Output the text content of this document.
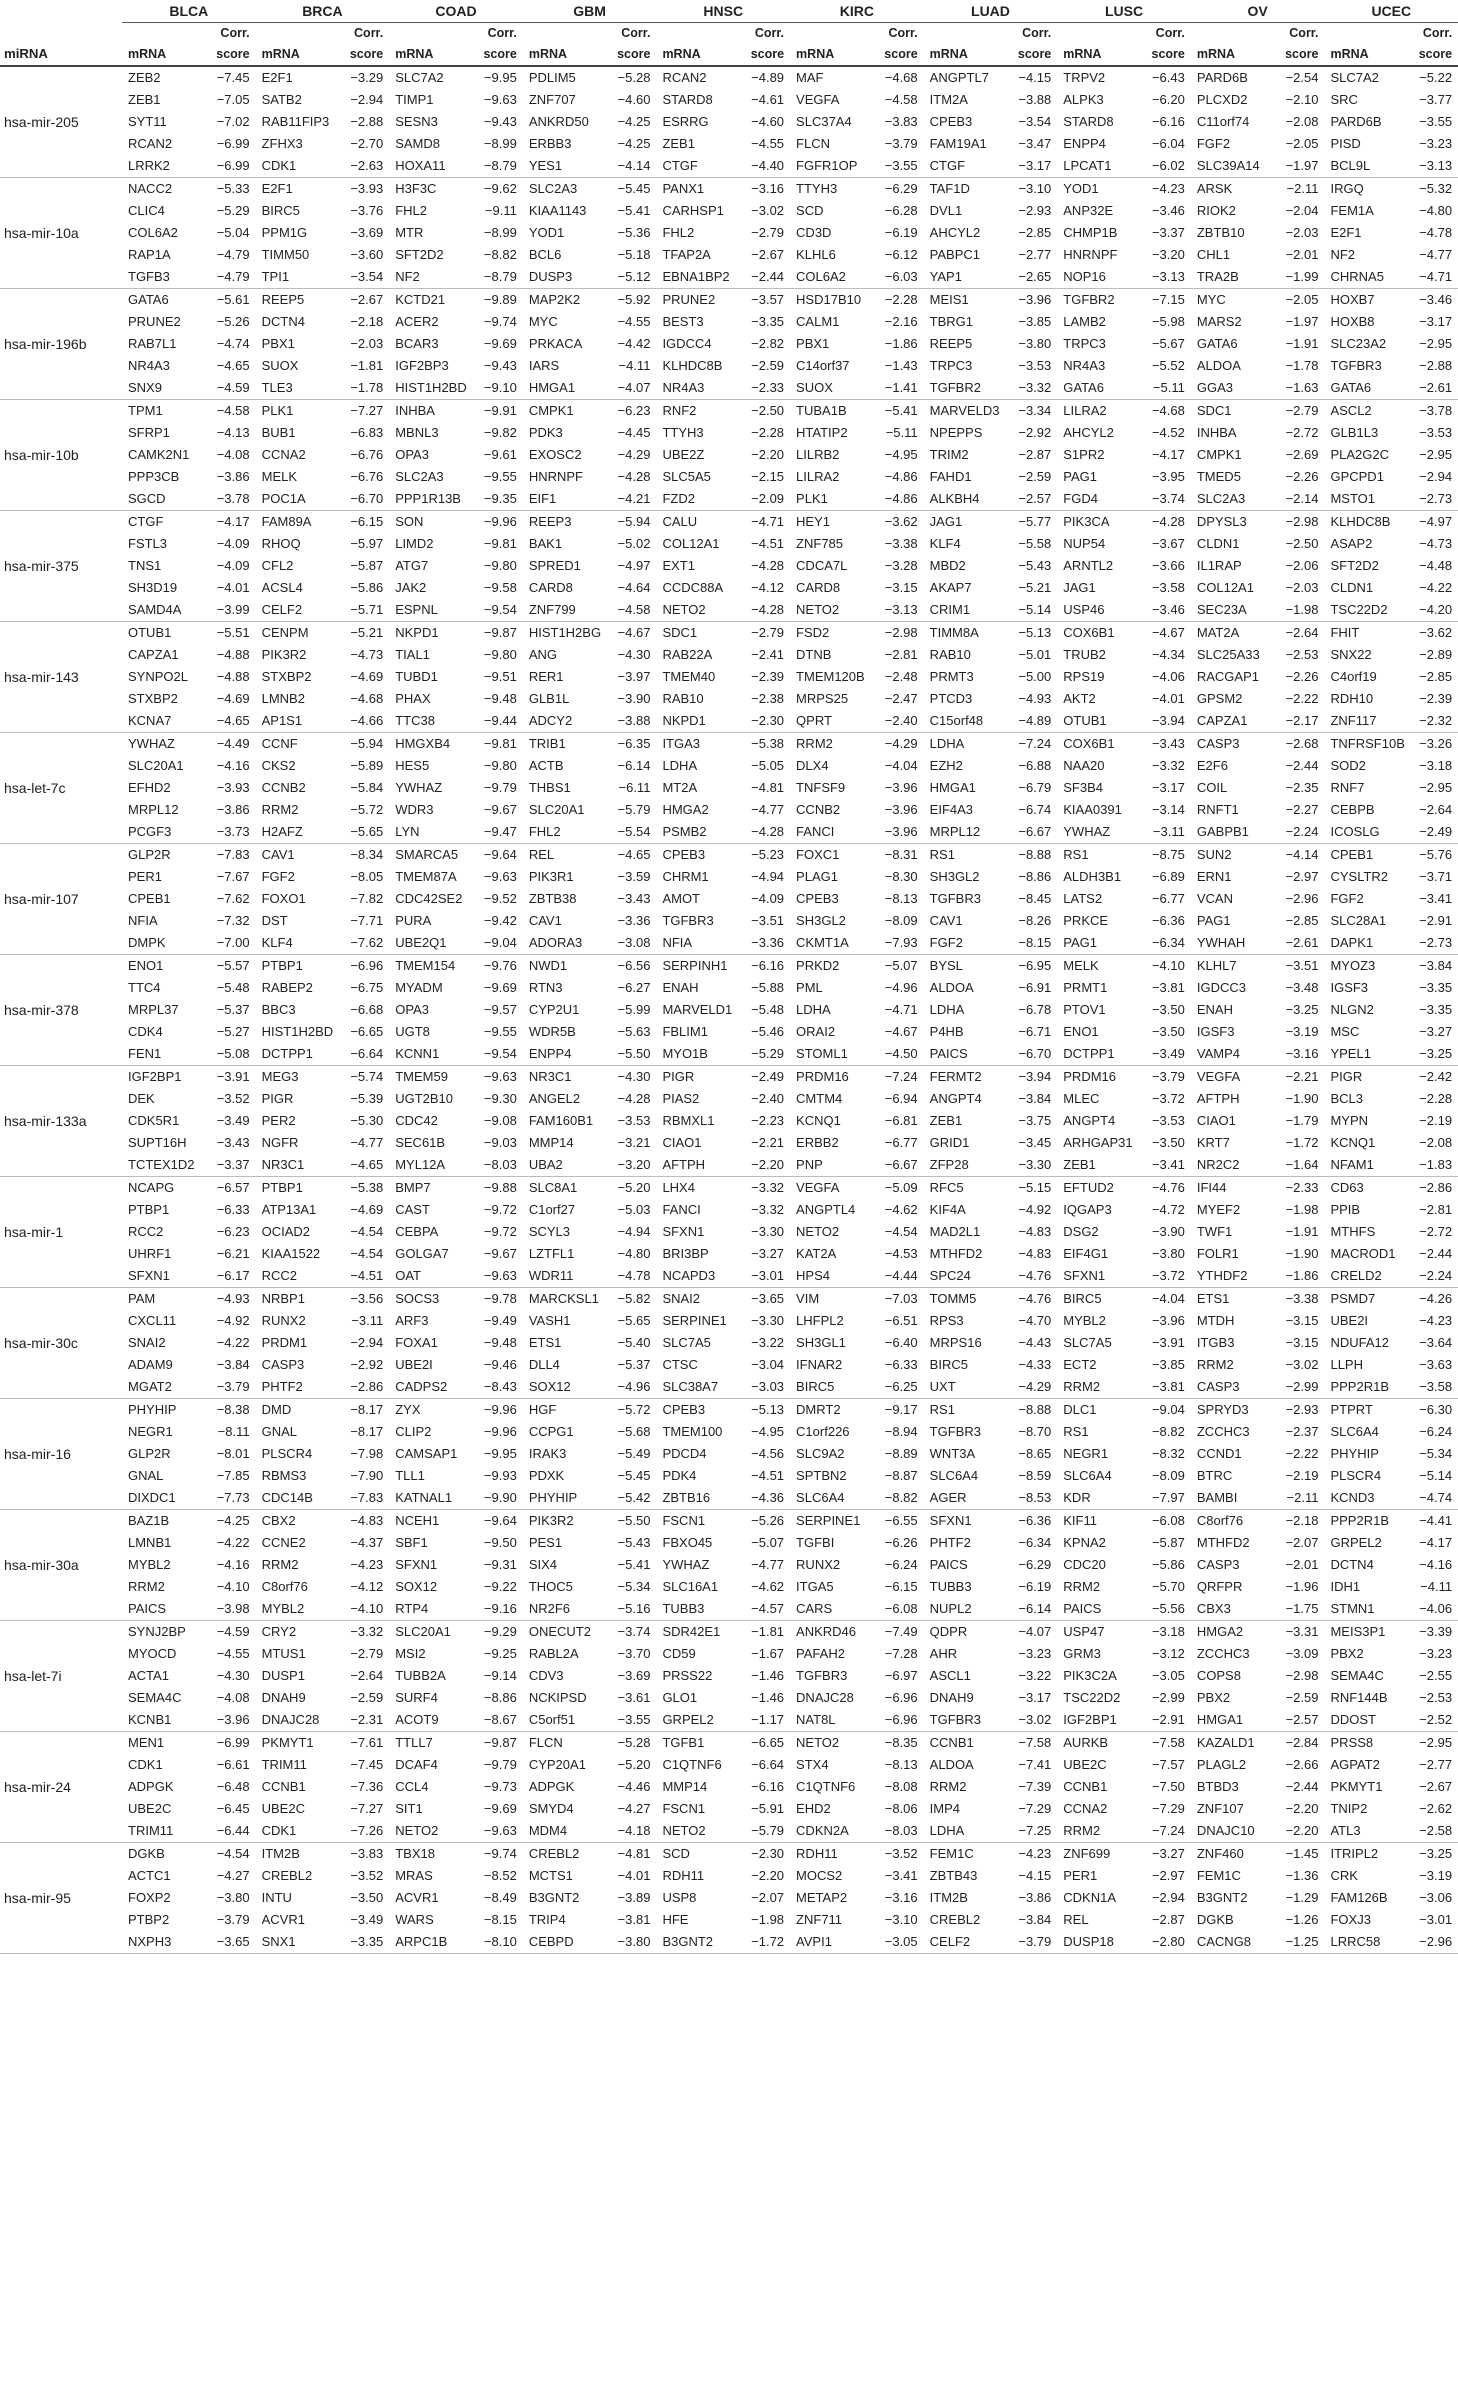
miRNA	BLCA		BRCA		COAD		GBM		HNSC		KIRC		LUAD		LUSC		OV		UCEC	
		Corr.		Corr.		Corr.		Corr.		Corr.		Corr.		Corr.		Corr.		Corr.		Corr.
	mRNA	score	mRNA	score	mRNA	score	mRNA	score	mRNA	score	mRNA	score	mRNA	score	mRNA	score	mRNA	score	mRNA	score
hsa-mir-205	ZEB2	−7.45	E2F1	−3.29	SLC7A2	−9.95	PDLIM5	−5.28	RCAN2	−4.89	MAF	−4.68	ANGPTL7	−4.15	TRPV2	−6.43	PARD6B	−2.54	SLC7A2	−5.22
	ZEB1	−7.05	SATB2	−2.94	TIMP1	−9.63	ZNF707	−4.60	STARD8	−4.61	VEGFA	−4.58	ITM2A	−3.88	ALPK3	−6.20	PLCXD2	−2.10	SRC	−3.77
	SYT11	−7.02	RAB11FIP3	−2.88	SESN3	−9.43	ANKRD50	−4.25	ESRRG	−4.60	SLC37A4	−3.83	CPEB3	−3.54	STARD8	−6.16	C11orf74	−2.08	PARD6B	−3.55
	RCAN2	−6.99	ZFHX3	−2.70	SAMD8	−8.99	ERBB3	−4.25	ZEB1	−4.55	FLCN	−3.79	FAM19A1	−3.47	ENPP4	−6.04	FGF2	−2.05	PISD	−3.23
	LRRK2	−6.99	CDK1	−2.63	HOXA11	−8.79	YES1	−4.14	CTGF	−4.40	FGFR1OP	−3.55	CTGF	−3.17	LPCAT1	−6.02	SLC39A14	−1.97	BCL9L	−3.13
hsa-mir-10a	NACC2	−5.33	E2F1	−3.93	H3F3C	−9.62	SLC2A3	−5.45	PANX1	−3.16	TTYH3	−6.29	TAF1D	−3.10	YOD1	−4.23	ARSK	−2.11	IRGQ	−5.32
	CLIC4	−5.29	BIRC5	−3.76	FHL2	−9.11	KIAA1143	−5.41	CARHSP1	−3.02	SCD	−6.28	DVL1	−2.93	ANP32E	−3.46	RIOK2	−2.04	FEM1A	−4.80
	COL6A2	−5.04	PPM1G	−3.69	MTR	−8.99	YOD1	−5.36	FHL2	−2.79	CD3D	−6.19	AHCYL2	−2.85	CHMP1B	−3.37	ZBTB10	−2.03	E2F1	−4.78
	RAP1A	−4.79	TIMM50	−3.60	SFT2D2	−8.82	BCL6	−5.18	TFAP2A	−2.67	KLHL6	−6.12	PABPC1	−2.77	HNRNPF	−3.20	CHL1	−2.01	NF2	−4.77
	TGFB3	−4.79	TPI1	−3.54	NF2	−8.79	DUSP3	−5.12	EBNA1BP2	−2.44	COL6A2	−6.03	YAP1	−2.65	NOP16	−3.13	TRA2B	−1.99	CHRNA5	−4.71
hsa-mir-196b	GATA6	−5.61	REEP5	−2.67	KCTD21	−9.89	MAP2K2	−5.92	PRUNE2	−3.57	HSD17B10	−2.28	MEIS1	−3.96	TGFBR2	−7.15	MYC	−2.05	HOXB7	−3.46
	PRUNE2	−5.26	DCTN4	−2.18	ACER2	−9.74	MYC	−4.55	BEST3	−3.35	CALM1	−2.16	TBRG1	−3.85	LAMB2	−5.98	MARS2	−1.97	HOXB8	−3.17
	RAB7L1	−4.74	PBX1	−2.03	BCAR3	−9.69	PRKACA	−4.42	IGDCC4	−2.82	PBX1	−1.86	REEP5	−3.80	TRPC3	−5.67	GATA6	−1.91	SLC23A2	−2.95
	NR4A3	−4.65	SUOX	−1.81	IGF2BP3	−9.43	IARS	−4.11	KLHDC8B	−2.59	C14orf37	−1.43	TRPC3	−3.53	NR4A3	−5.52	ALDOA	−1.78	TGFBR3	−2.88
	SNX9	−4.59	TLE3	−1.78	HIST1H2BD	−9.10	HMGA1	−4.07	NR4A3	−2.33	SUOX	−1.41	TGFBR2	−3.32	GATA6	−5.11	GGA3	−1.63	GATA6	−2.61
hsa-mir-10b	TPM1	−4.58	PLK1	−7.27	INHBA	−9.91	CMPK1	−6.23	RNF2	−2.50	TUBA1B	−5.41	MARVELD3	−3.34	LILRA2	−4.68	SDC1	−2.79	ASCL2	−3.78
	SFRP1	−4.13	BUB1	−6.83	MBNL3	−9.82	PDK3	−4.45	TTYH3	−2.28	HTATIP2	−5.11	NPEPPS	−2.92	AHCYL2	−4.52	INHBA	−2.72	GLB1L3	−3.53
	CAMK2N1	−4.08	CCNA2	−6.76	OPA3	−9.61	EXOSC2	−4.29	UBE2Z	−2.20	LILRB2	−4.95	TRIM2	−2.87	S1PR2	−4.17	CMPK1	−2.69	PLA2G2C	−2.95
	PPP3CB	−3.86	MELK	−6.76	SLC2A3	−9.55	HNRNPF	−4.28	SLC5A5	−2.15	LILRA2	−4.86	FAHD1	−2.59	PAG1	−3.95	TMED5	−2.26	GPCPD1	−2.94
	SGCD	−3.78	POC1A	−6.70	PPP1R13B	−9.35	EIF1	−4.21	FZD2	−2.09	PLK1	−4.86	ALKBH4	−2.57	FGD4	−3.74	SLC2A3	−2.14	MSTO1	−2.73
hsa-mir-375	CTGF	−4.17	FAM89A	−6.15	SON	−9.96	REEP3	−5.94	CALU	−4.71	HEY1	−3.62	JAG1	−5.77	PIK3CA	−4.28	DPYSL3	−2.98	KLHDC8B	−4.97
	FSTL3	−4.09	RHOQ	−5.97	LIMD2	−9.81	BAK1	−5.02	COL12A1	−4.51	ZNF785	−3.38	KLF4	−5.58	NUP54	−3.67	CLDN1	−2.50	ASAP2	−4.73
	TNS1	−4.09	CFL2	−5.87	ATG7	−9.80	SPRED1	−4.97	EXT1	−4.28	CDCA7L	−3.28	MBD2	−5.43	ARNTL2	−3.66	IL1RAP	−2.06	SFT2D2	−4.48
	SH3D19	−4.01	ACSL4	−5.86	JAK2	−9.58	CARD8	−4.64	CCDC88A	−4.12	CARD8	−3.15	AKAP7	−5.21	JAG1	−3.58	COL12A1	−2.03	CLDN1	−4.22
	SAMD4A	−3.99	CELF2	−5.71	ESPNL	−9.54	ZNF799	−4.58	NETO2	−4.28	NETO2	−3.13	CRIM1	−5.14	USP46	−3.46	SEC23A	−1.98	TSC22D2	−4.20
hsa-mir-143	OTUB1	−5.51	CENPM	−5.21	NKPD1	−9.87	HIST1H2BG	−4.67	SDC1	−2.79	FSD2	−2.98	TIMM8A	−5.13	COX6B1	−4.67	MAT2A	−2.64	FHIT	−3.62
	CAPZA1	−4.88	PIK3R2	−4.73	TIAL1	−9.80	ANG	−4.30	RAB22A	−2.41	DTNB	−2.81	RAB10	−5.01	TRUB2	−4.34	SLC25A33	−2.53	SNX22	−2.89
	SYNPO2L	−4.88	STXBP2	−4.69	TUBD1	−9.51	RER1	−3.97	TMEM40	−2.39	TMEM120B	−2.48	PRMT3	−5.00	RPS19	−4.06	RACGAP1	−2.26	C4orf19	−2.85
	STXBP2	−4.69	LMNB2	−4.68	PHAX	−9.48	GLB1L	−3.90	RAB10	−2.38	MRPS25	−2.47	PTCD3	−4.93	AKT2	−4.01	GPSM2	−2.22	RDH10	−2.39
	KCNA7	−4.65	AP1S1	−4.66	TTC38	−9.44	ADCY2	−3.88	NKPD1	−2.30	QPRT	−2.40	C15orf48	−4.89	OTUB1	−3.94	CAPZA1	−2.17	ZNF117	−2.32
hsa-let-7c	YWHAZ	−4.49	CCNF	−5.94	HMGXB4	−9.81	TRIB1	−6.35	ITGA3	−5.38	RRM2	−4.29	LDHA	−7.24	COX6B1	−3.43	CASP3	−2.68	TNFRSF10B	−3.26
	SLC20A1	−4.16	CKS2	−5.89	HES5	−9.80	ACTB	−6.14	LDHA	−5.05	DLX4	−4.04	EZH2	−6.88	NAA20	−3.32	E2F6	−2.44	SOD2	−3.18
	EFHD2	−3.93	CCNB2	−5.84	YWHAZ	−9.79	THBS1	−6.11	MT2A	−4.81	TNFSF9	−3.96	HMGA1	−6.79	SF3B4	−3.17	COIL	−2.35	RNF7	−2.95
	MRPL12	−3.86	RRM2	−5.72	WDR3	−9.67	SLC20A1	−5.79	HMGA2	−4.77	CCNB2	−3.96	EIF4A3	−6.74	KIAA0391	−3.14	RNFT1	−2.27	CEBPB	−2.64
	PCGF3	−3.73	H2AFZ	−5.65	LYN	−9.47	FHL2	−5.54	PSMB2	−4.28	FANCI	−3.96	MRPL12	−6.67	YWHAZ	−3.11	GABPB1	−2.24	ICOSLG	−2.49
hsa-mir-107	GLP2R	−7.83	CAV1	−8.34	SMARCA5	−9.64	REL	−4.65	CPEB3	−5.23	FOXC1	−8.31	RS1	−8.88	RS1	−8.75	SUN2	−4.14	CPEB1	−5.76
	PER1	−7.67	FGF2	−8.05	TMEM87A	−9.63	PIK3R1	−3.59	CHRM1	−4.94	PLAG1	−8.30	SH3GL2	−8.86	ALDH3B1	−6.89	ERN1	−2.97	CYSLTR2	−3.71
	CPEB1	−7.62	FOXO1	−7.82	CDC42SE2	−9.52	ZBTB38	−3.43	AMOT	−4.09	CPEB3	−8.13	TGFBR3	−8.45	LATS2	−6.77	VCAN	−2.96	FGF2	−3.41
	NFIA	−7.32	DST	−7.71	PURA	−9.42	CAV1	−3.36	TGFBR3	−3.51	SH3GL2	−8.09	CAV1	−8.26	PRKCE	−6.36	PAG1	−2.85	SLC28A1	−2.91
	DMPK	−7.00	KLF4	−7.62	UBE2Q1	−9.04	ADORA3	−3.08	NFIA	−3.36	CKMT1A	−7.93	FGF2	−8.15	PAG1	−6.34	YWHAH	−2.61	DAPK1	−2.73
hsa-mir-378	ENO1	−5.57	PTBP1	−6.96	TMEM154	−9.76	NWD1	−6.56	SERPINH1	−6.16	PRKD2	−5.07	BYSL	−6.95	MELK	−4.10	KLHL7	−3.51	MYOZ3	−3.84
	TTC4	−5.48	RABEP2	−6.75	MYADM	−9.69	RTN3	−6.27	ENAH	−5.88	PML	−4.96	ALDOA	−6.91	PRMT1	−3.81	IGDCC3	−3.48	IGSF3	−3.35
	MRPL37	−5.37	BBC3	−6.68	OPA3	−9.57	CYP2U1	−5.99	MARVELD1	−5.48	LDHA	−4.71	LDHA	−6.78	PTOV1	−3.50	ENAH	−3.25	NLGN2	−3.35
	CDK4	−5.27	HIST1H2BD	−6.65	UGT8	−9.55	WDR5B	−5.63	FBLIM1	−5.46	ORAI2	−4.67	P4HB	−6.71	ENO1	−3.50	IGSF3	−3.19	MSC	−3.27
	FEN1	−5.08	DCTPP1	−6.64	KCNN1	−9.54	ENPP4	−5.50	MYO1B	−5.29	STOML1	−4.50	PAICS	−6.70	DCTPP1	−3.49	VAMP4	−3.16	YPEL1	−3.25
hsa-mir-133a	IGF2BP1	−3.91	MEG3	−5.74	TMEM59	−9.63	NR3C1	−4.30	PIGR	−2.49	PRDM16	−7.24	FERMT2	−3.94	PRDM16	−3.79	VEGFA	−2.21	PIGR	−2.42
	DEK	−3.52	PIGR	−5.39	UGT2B10	−9.30	ANGEL2	−4.28	PIAS2	−2.40	CMTM4	−6.94	ANGPT4	−3.84	MLEC	−3.72	AFTPH	−1.90	BCL3	−2.28
	CDK5R1	−3.49	PER2	−5.30	CDC42	−9.08	FAM160B1	−3.53	RBMXL1	−2.23	KCNQ1	−6.81	ZEB1	−3.75	ANGPT4	−3.53	CIAO1	−1.79	MYPN	−2.19
	SUPT16H	−3.43	NGFR	−4.77	SEC61B	−9.03	MMP14	−3.21	CIAO1	−2.21	ERBB2	−6.77	GRID1	−3.45	ARHGAP31	−3.50	KRT7	−1.72	KCNQ1	−2.08
	TCTEX1D2	−3.37	NR3C1	−4.65	MYL12A	−8.03	UBA2	−3.20	AFTPH	−2.20	PNP	−6.67	ZFP28	−3.30	ZEB1	−3.41	NR2C2	−1.64	NFAM1	−1.83
hsa-mir-1	NCAPG	−6.57	PTBP1	−5.38	BMP7	−9.88	SLC8A1	−5.20	LHX4	−3.32	VEGFA	−5.09	RFC5	−5.15	EFTUD2	−4.76	IFI44	−2.33	CD63	−2.86
	PTBP1	−6.33	ATP13A1	−4.69	CAST	−9.72	C1orf27	−5.03	FANCI	−3.32	ANGPTL4	−4.62	KIF4A	−4.92	IQGAP3	−4.72	MYEF2	−1.98	PPIB	−2.81
	RCC2	−6.23	OCIAD2	−4.54	CEBPA	−9.72	SCYL3	−4.94	SFXN1	−3.30	NETO2	−4.54	MAD2L1	−4.83	DSG2	−3.90	TWF1	−1.91	MTHFS	−2.72
	UHRF1	−6.21	KIAA1522	−4.54	GOLGA7	−9.67	LZTFL1	−4.80	BRI3BP	−3.27	KAT2A	−4.53	MTHFD2	−4.83	EIF4G1	−3.80	FOLR1	−1.90	MACROD1	−2.44
	SFXN1	−6.17	RCC2	−4.51	OAT	−9.63	WDR11	−4.78	NCAPD3	−3.01	HPS4	−4.44	SPC24	−4.76	SFXN1	−3.72	YTHDF2	−1.86	CRELD2	−2.24
hsa-mir-30c	PAM	−4.93	NRBP1	−3.56	SOCS3	−9.78	MARCKSL1	−5.82	SNAI2	−3.65	VIM	−7.03	TOMM5	−4.76	BIRC5	−4.04	ETS1	−3.38	PSMD7	−4.26
	CXCL11	−4.92	RUNX2	−3.11	ARF3	−9.49	VASH1	−5.65	SERPINE1	−3.30	LHFPL2	−6.51	RPS3	−4.70	MYBL2	−3.96	MTDH	−3.15	UBE2I	−4.23
	SNAI2	−4.22	PRDM1	−2.94	FOXA1	−9.48	ETS1	−5.40	SLC7A5	−3.22	SH3GL1	−6.40	MRPS16	−4.43	SLC7A5	−3.91	ITGB3	−3.15	NDUFA12	−3.64
	ADAM9	−3.84	CASP3	−2.92	UBE2I	−9.46	DLL4	−5.37	CTSC	−3.04	IFNAR2	−6.33	BIRC5	−4.33	ECT2	−3.85	RRM2	−3.02	LLPH	−3.63
	MGAT2	−3.79	PHTF2	−2.86	CADPS2	−8.43	SOX12	−4.96	SLC38A7	−3.03	BIRC5	−6.25	UXT	−4.29	RRM2	−3.81	CASP3	−2.99	PPP2R1B	−3.58
hsa-mir-16	PHYHIP	−8.38	DMD	−8.17	ZYX	−9.96	HGF	−5.72	CPEB3	−5.13	DMRT2	−9.17	RS1	−8.88	DLC1	−9.04	SPRYD3	−2.93	PTPRT	−6.30
	NEGR1	−8.11	GNAL	−8.17	CLIP2	−9.96	CCPG1	−5.68	TMEM100	−4.95	C1orf226	−8.94	TGFBR3	−8.70	RS1	−8.82	ZCCHC3	−2.37	SLC6A4	−6.24
	GLP2R	−8.01	PLSCR4	−7.98	CAMSAP1	−9.95	IRAK3	−5.49	PDCD4	−4.56	SLC9A2	−8.89	WNT3A	−8.65	NEGR1	−8.32	CCND1	−2.22	PHYHIP	−5.34
	GNAL	−7.85	RBMS3	−7.90	TLL1	−9.93	PDXK	−5.45	PDK4	−4.51	SPTBN2	−8.87	SLC6A4	−8.59	SLC6A4	−8.09	BTRC	−2.19	PLSCR4	−5.14
	DIXDC1	−7.73	CDC14B	−7.83	KATNAL1	−9.90	PHYHIP	−5.42	ZBTB16	−4.36	SLC6A4	−8.82	AGER	−8.53	KDR	−7.97	BAMBI	−2.11	KCND3	−4.74
hsa-mir-30a	BAZ1B	−4.25	CBX2	−4.83	NCEH1	−9.64	PIK3R2	−5.50	FSCN1	−5.26	SERPINE1	−6.55	SFXN1	−6.36	KIF11	−6.08	C8orf76	−2.18	PPP2R1B	−4.41
	LMNB1	−4.22	CCNE2	−4.37	SBF1	−9.50	PES1	−5.43	FBXO45	−5.07	TGFBI	−6.26	PHTF2	−6.34	KPNA2	−5.87	MTHFD2	−2.07	GRPEL2	−4.17
	MYBL2	−4.16	RRM2	−4.23	SFXN1	−9.31	SIX4	−5.41	YWHAZ	−4.77	RUNX2	−6.24	PAICS	−6.29	CDC20	−5.86	CASP3	−2.01	DCTN4	−4.16
	RRM2	−4.10	C8orf76	−4.12	SOX12	−9.22	THOC5	−5.34	SLC16A1	−4.62	ITGA5	−6.15	TUBB3	−6.19	RRM2	−5.70	QRFPR	−1.96	IDH1	−4.11
	PAICS	−3.98	MYBL2	−4.10	RTP4	−9.16	NR2F6	−5.16	TUBB3	−4.57	CARS	−6.08	NUPL2	−6.14	PAICS	−5.56	CBX3	−1.75	STMN1	−4.06
hsa-let-7i	SYNJ2BP	−4.59	CRY2	−3.32	SLC20A1	−9.29	ONECUT2	−3.74	SDR42E1	−1.81	ANKRD46	−7.49	QDPR	−4.07	USP47	−3.18	HMGA2	−3.31	MEIS3P1	−3.39
	MYOCD	−4.55	MTUS1	−2.79	MSI2	−9.25	RABL2A	−3.70	CD59	−1.67	PAFAH2	−7.28	AHR	−3.23	GRM3	−3.12	ZCCHC3	−3.09	PBX2	−3.23
	ACTA1	−4.30	DUSP1	−2.64	TUBB2A	−9.14	CDV3	−3.69	PRSS22	−1.46	TGFBR3	−6.97	ASCL1	−3.22	PIK3C2A	−3.05	COPS8	−2.98	SEMA4C	−2.55
	SEMA4C	−4.08	DNAH9	−2.59	SURF4	−8.86	NCKIPSD	−3.61	GLO1	−1.46	DNAJC28	−6.96	DNAH9	−3.17	TSC22D2	−2.99	PBX2	−2.59	RNF144B	−2.53
	KCNB1	−3.96	DNAJC28	−2.31	ACOT9	−8.67	C5orf51	−3.55	GRPEL2	−1.17	NAT8L	−6.96	TGFBR3	−3.02	IGF2BP1	−2.91	HMGA1	−2.57	DDOST	−2.52
hsa-mir-24	MEN1	−6.99	PKMYT1	−7.61	TTLL7	−9.87	FLCN	−5.28	TGFB1	−6.65	NETO2	−8.35	CCNB1	−7.58	AURKB	−7.58	KAZALD1	−2.84	PRSS8	−2.95
	CDK1	−6.61	TRIM11	−7.45	DCAF4	−9.79	CYP20A1	−5.20	C1QTNF6	−6.64	STX4	−8.13	ALDOA	−7.41	UBE2C	−7.57	PLAGL2	−2.66	AGPAT2	−2.77
	ADPGK	−6.48	CCNB1	−7.36	CCL4	−9.73	ADPGK	−4.46	MMP14	−6.16	C1QTNF6	−8.08	RRM2	−7.39	CCNB1	−7.50	BTBD3	−2.44	PKMYT1	−2.67
	UBE2C	−6.45	UBE2C	−7.27	SIT1	−9.69	SMYD4	−4.27	FSCN1	−5.91	EHD2	−8.06	IMP4	−7.29	CCNA2	−7.29	ZNF107	−2.20	TNIP2	−2.62
	TRIM11	−6.44	CDK1	−7.26	NETO2	−9.63	MDM4	−4.18	NETO2	−5.79	CDKN2A	−8.03	LDHA	−7.25	RRM2	−7.24	DNAJC10	−2.20	ATL3	−2.58
hsa-mir-95	DGKB	−4.54	ITM2B	−3.83	TBX18	−9.74	CREBL2	−4.81	SCD	−2.30	RDH11	−3.52	FEM1C	−4.23	ZNF699	−3.27	ZNF460	−1.45	ITRIPL2	−3.25
	ACTC1	−4.27	CREBL2	−3.52	MRAS	−8.52	MCTS1	−4.01	RDH11	−2.20	MOCS2	−3.41	ZBTB43	−4.15	PER1	−2.97	FEM1C	−1.36	CRK	−3.19
	FOXP2	−3.80	INTU	−3.50	ACVR1	−8.49	B3GNT2	−3.89	USP8	−2.07	METAP2	−3.16	ITM2B	−3.86	CDKN1A	−2.94	B3GNT2	−1.29	FAM126B	−3.06
	PTBP2	−3.79	ACVR1	−3.49	WARS	−8.15	TRIP4	−3.81	HFE	−1.98	ZNF711	−3.10	CREBL2	−3.84	REL	−2.87	DGKB	−1.26	FOXJ3	−3.01
	NXPH3	−3.65	SNX1	−3.35	ARPC1B	−8.10	CEBPD	−3.80	B3GNT2	−1.72	AVPI1	−3.05	CELF2	−3.79	DUSP18	−2.80	CACNG8	−1.25	LRRC58	−2.96
